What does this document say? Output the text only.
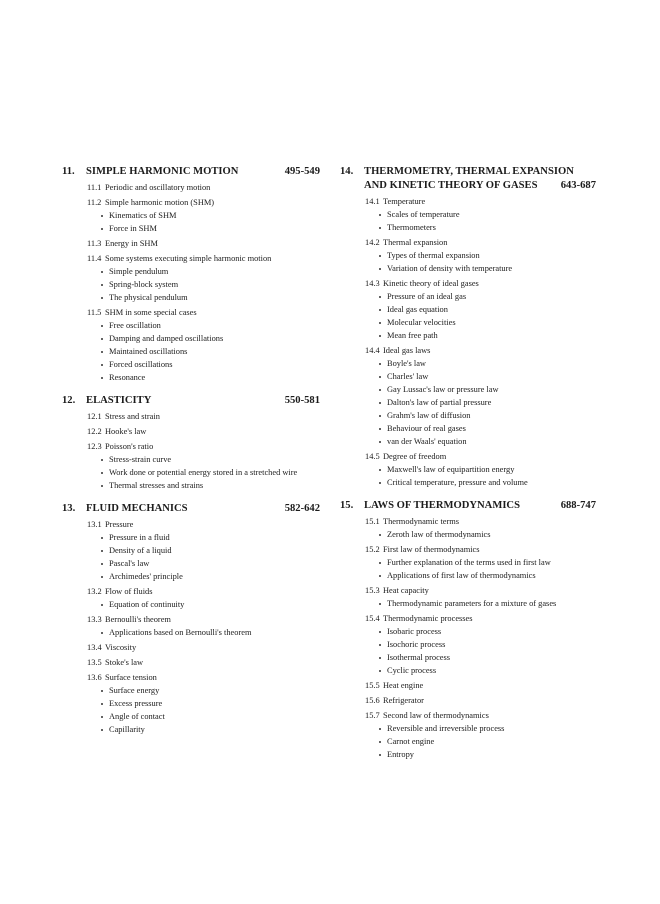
11.	SIMPLE HARMONIC MOTION	495-549
11.1 Periodic and oscillatory motion
11.2 Simple harmonic motion (SHM)
Kinematics of SHM
Force in SHM
11.3 Energy in SHM
11.4 Some systems executing simple harmonic motion
Simple pendulum
Spring-block system
The physical pendulum
11.5 SHM in some special cases
Free oscillation
Damping and damped oscillations
Maintained oscillations
Forced oscillations
Resonance
12.	ELASTICITY	550-581
12.1 Stress and strain
12.2 Hooke's law
12.3 Poisson's ratio
Stress-strain curve
Work done or potential energy stored in a stretched wire
Thermal stresses and strains
13.	FLUID MECHANICS	582-642
13.1 Pressure
Pressure in a fluid
Density of a liquid
Pascal's law
Archimedes' principle
13.2 Flow of fluids
Equation of continuity
13.3 Bernoulli's theorem
Applications based on Bernoulli's theorem
13.4 Viscosity
13.5 Stoke's law
13.6 Surface tension
Surface energy
Excess pressure
Angle of contact
Capillarity
14. THERMOMETRY, THERMAL EXPANSION
AND KINETIC THEORY OF GASES 643-687
14.1 Temperature
Scales of temperature
Thermometers
14.2 Thermal expansion
Types of thermal expansion
Variation of density with temperature
14.3 Kinetic theory of ideal gases
Pressure of an ideal gas
Ideal gas equation
Molecular velocities
Mean free path
14.4 Ideal gas laws
Boyle's law
Charles' law
Gay Lussac's law or pressure law
Dalton's law of partial pressure
Grahm's law of diffusion
Behaviour of real gases
van der Waals' equation
14.5 Degree of freedom
Maxwell's law of equipartition energy
Critical temperature, pressure and volume
15.	LAWS OF THERMODYNAMICS	688-747
15.1 Thermodynamic terms
Zeroth law of thermodynamics
15.2 First law of thermodynamics
Further explanation of the terms used in first law
Applications of first law of thermodynamics
15.3 Heat capacity
Thermodynamic parameters for a mixture of gases
15.4 Thermodynamic processes
Isobaric process
Isochoric process
Isothermal process
Cyclic process
15.5 Heat engine
15.6 Refrigerator
15.7 Second law of thermodynamics
Reversible and irreversible process
Carnot engine
Entropy
